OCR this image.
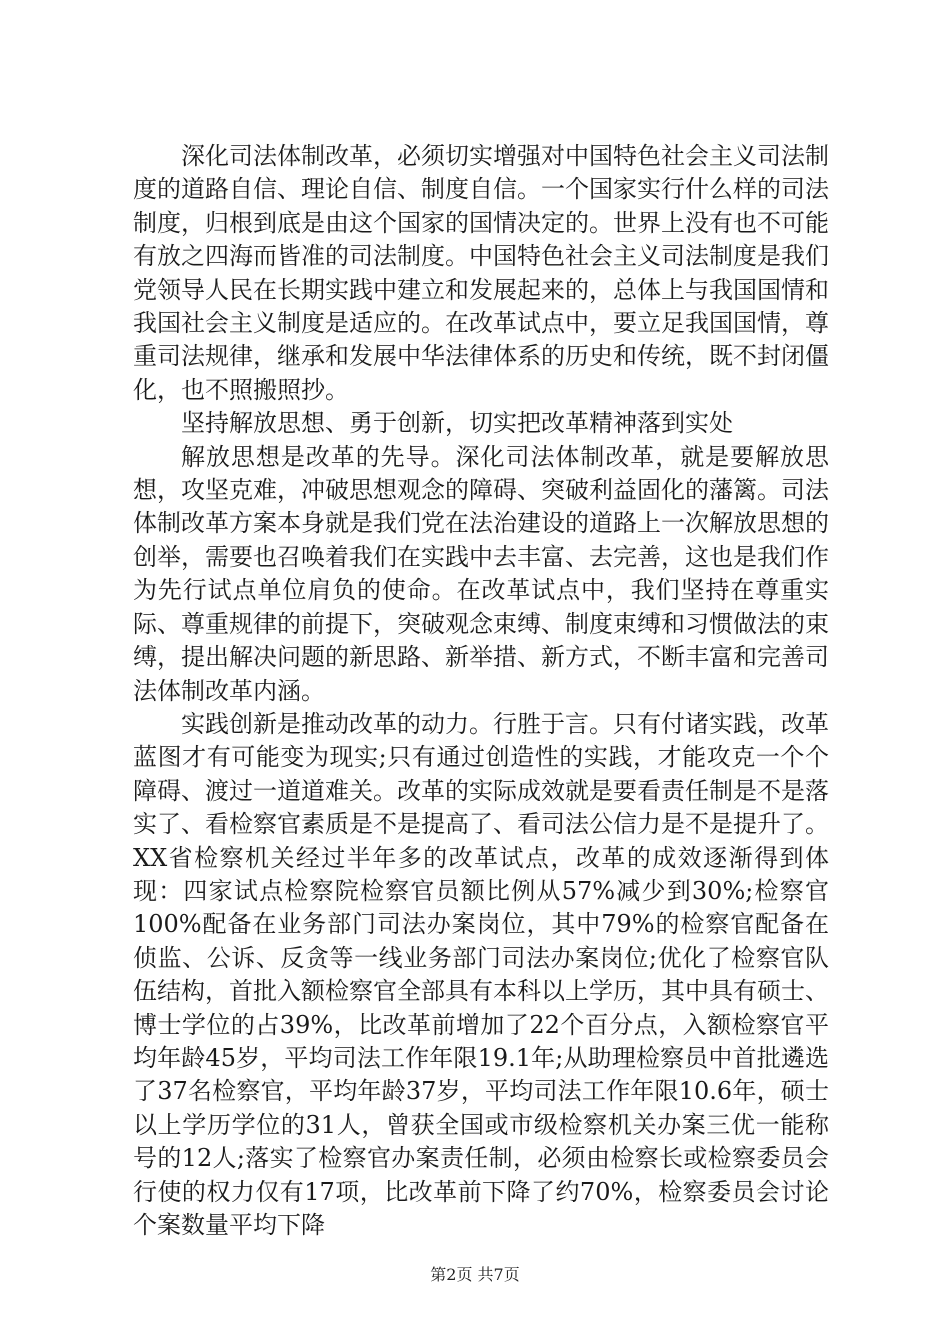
深化司法体制改革，必须切实增强对中国特色社会主义司法制度的道路自信、理论自信、制度自信。一个国家实行什么样的司法制度，归根到底是由这个国家的国情决定的。世界上没有也不可能有放之四海而皆准的司法制度。中国特色社会主义司法制度是我们党领导人民在长期实践中建立和发展起来的，总体上与我国国情和我国社会主义制度是适应的。在改革试点中，要立足我国国情，尊重司法规律，继承和发展中华法律体系的历史和传统，既不封闭僵化，也不照搬照抄。

坚持解放思想、勇于创新，切实把改革精神落到实处

解放思想是改革的先导。深化司法体制改革，就是要解放思想，攻坚克难，冲破思想观念的障碍、突破利益固化的藩篱。司法体制改革方案本身就是我们党在法治建设的道路上一次解放思想的创举，需要也召唤着我们在实践中去丰富、去完善，这也是我们作为先行试点单位肩负的使命。在改革试点中，我们坚持在尊重实际、尊重规律的前提下，突破观念束缚、制度束缚和习惯做法的束缚，提出解决问题的新思路、新举措、新方式，不断丰富和完善司法体制改革内涵。

实践创新是推动改革的动力。行胜于言。只有付诸实践，改革蓝图才有可能变为现实;只有通过创造性的实践，才能攻克一个个障碍、渡过一道道难关。改革的实际成效就是要看责任制是不是落实了、看检察官素质是不是提高了、看司法公信力是不是提升了。XX省检察机关经过半年多的改革试点，改革的成效逐渐得到体现：四家试点检察院检察官员额比例从57%减少到30%;检察官100%配备在业务部门司法办案岗位，其中79%的检察官配备在侦监、公诉、反贪等一线业务部门司法办案岗位;优化了检察官队伍结构，首批入额检察官全部具有本科以上学历，其中具有硕士、博士学位的占39%，比改革前增加了22个百分点，入额检察官平均年龄45岁，平均司法工作年限19.1年;从助理检察员中首批遴选了37名检察官，平均年龄37岁，平均司法工作年限10.6年，硕士以上学历学位的31人，曾获全国或市级检察机关办案三优一能称号的12人;落实了检察官办案责任制，必须由检察长或检察委员会行使的权力仅有17项，比改革前下降了约70%，检察委员会讨论个案数量平均下降

第2页 共7页
